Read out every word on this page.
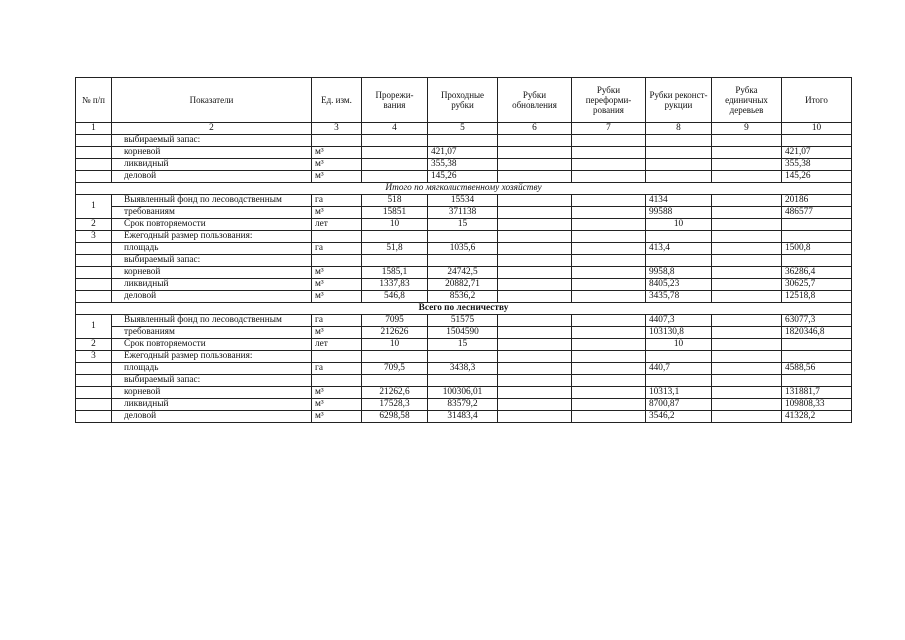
№ п/п	Показатели	Ед. изм.	Прорежи-вания	Проходные рубки	Рубки обновления	Рубки переформи-рования	Рубки реконст-рукции	Рубка единичных деревьев	Итого
1	2	3	4	5	6	7	8	9	10
	выбираемый запас:								
	корневой	м³		421,07					421,07
	ликвидный	м³		355,38					355,38
	деловой	м³		145,26					145,26
Итого по мягколиственному хозяйству									
1	Выявленный фонд по лесоводственным	га	518	15534			4134		20186
	требованиям	м³	15851	371138			99588		486577
2	Срок повторяемости	лет	10	15			10		
3	Ежегодный размер пользования:								
	площадь	га	51,8	1035,6			413,4		1500,8
	выбираемый запас:								
	корневой	м³	1585,1	24742,5			9958,8		36286,4
	ликвидный	м³	1337,83	20882,71			8405,23		30625,7
	деловой	м³	546,8	8536,2			3435,78		12518,8
Всего по лесничеству									
1	Выявленный фонд по лесоводственным	га	7095	51575			4407,3		63077,3
	требованиям	м³	212626	1504590			103130,8		1820346,8
2	Срок повторяемости	лет	10	15			10		
3	Ежегодный размер пользования:								
	площадь	га	709,5	3438,3			440,7		4588,56
	выбираемый запас:								
	корневой	м³	21262,6	100306,01			10313,1		131881,7
	ликвидный	м³	17528,3	83579,2			8700,87		109808,33
	деловой	м³	6298,58	31483,4			3546,2		41328,2
